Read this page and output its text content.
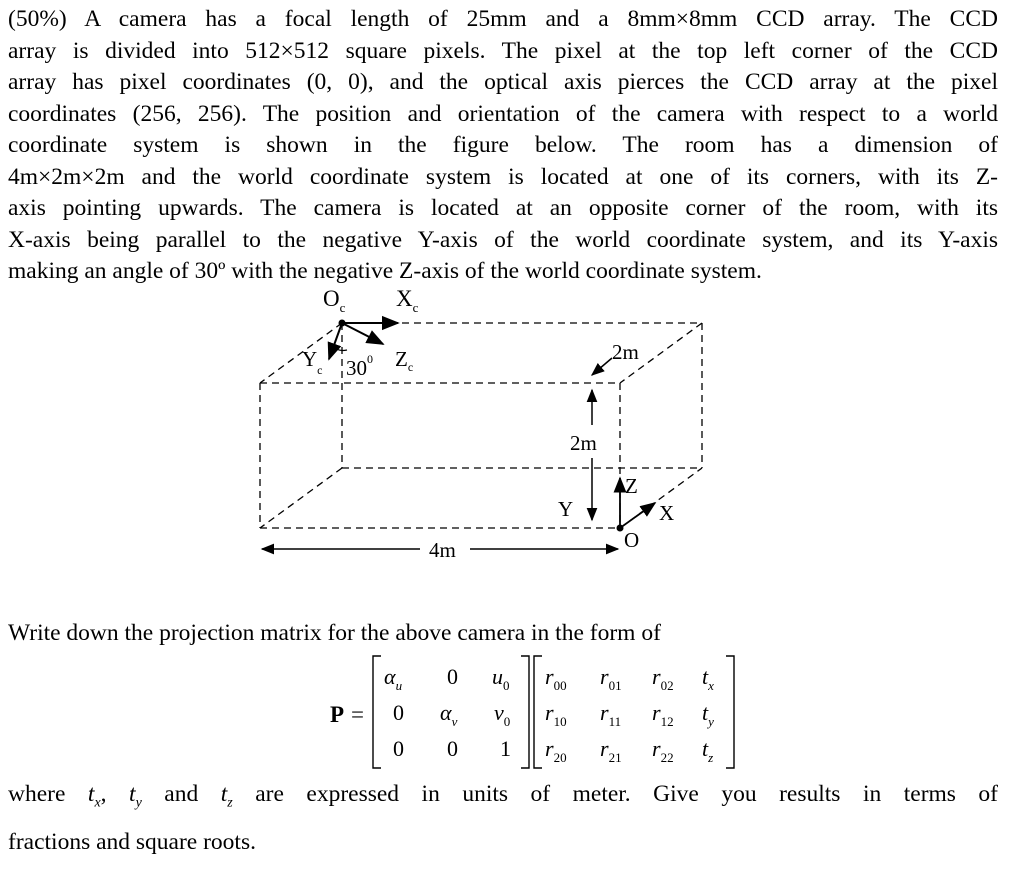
(50%) A camera has a focal length of 25mm and a 8mm×8mm CCD array. The CCD
array is divided into 512×512 square pixels. The pixel at the top left corner of the CCD
array has pixel coordinates (0, 0), and the optical axis pierces the CCD array at the pixel
coordinates (256, 256). The position and orientation of the camera with respect to a world
coordinate system is shown in the figure below. The room has a dimension of
4m×2m×2m and the world coordinate system is located at one of its corners, with its Z-
axis pointing upwards. The camera is located at an opposite corner of the room, with its
X-axis being parallel to the negative Y-axis of the world coordinate system, and its Y-axis
making an angle of 30º with the negative Z-axis of the world coordinate system.
$O_c$ $X_c$
$Z_c$
$Y_c$ $30^0$	2m
2m
Z
X
Y
O
4m

Write down the projection matrix for the above camera in the form of

P =
$\alpha_u$ 0 $u_0$
0 $\alpha_v$ $v_0$
0 0 1
$r_{00}$ $r_{01}$ $r_{02}$ $t_x$
$r_{10}$ $r_{11}$ $r_{12}$ $t_y$
$r_{20}$ $r_{21}$ $r_{22}$ $t_z$
where $t_x$, $t_y$ and $t_z$ are expressed in units of meter. Give you results in terms of
fractions and square roots.
